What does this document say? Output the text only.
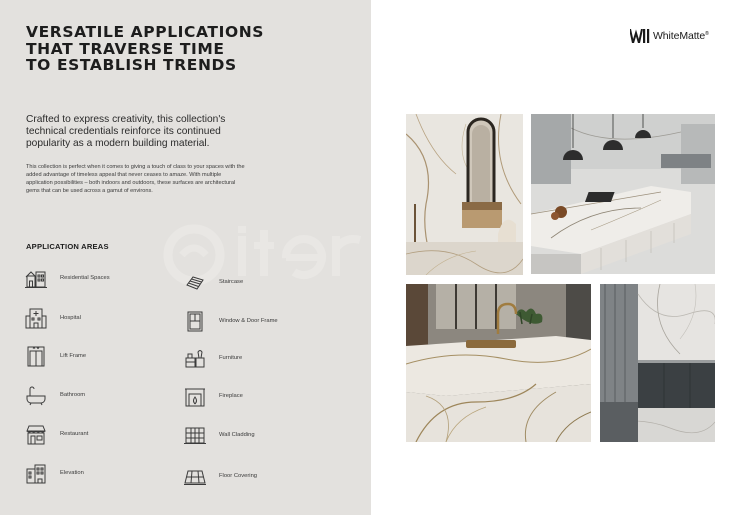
VERSATILE APPLICATIONS
THAT TRAVERSE TIME
TO ESTABLISH TRENDS

Crafted to express creativity, this collection's
technical credentials reinforce its continued
popularity as a modern building material.

This collection is perfect when it comes to giving a touch of class to your spaces with the
added advantage of timeless appeal that never ceases to amaze. With multiple
application possibilities – both indoors and outdoors, these surfaces are architectural
gems that can be used across a gamut of environs.

APPLICATION AREAS
Residential Spaces
Hospital
Lift Frame
Bathroom
Restaurant
Elevation
Staircase
Window & Door Frame
Furniture
Fireplace
Wall Cladding
Floor Covering
WhiteMatte ®
